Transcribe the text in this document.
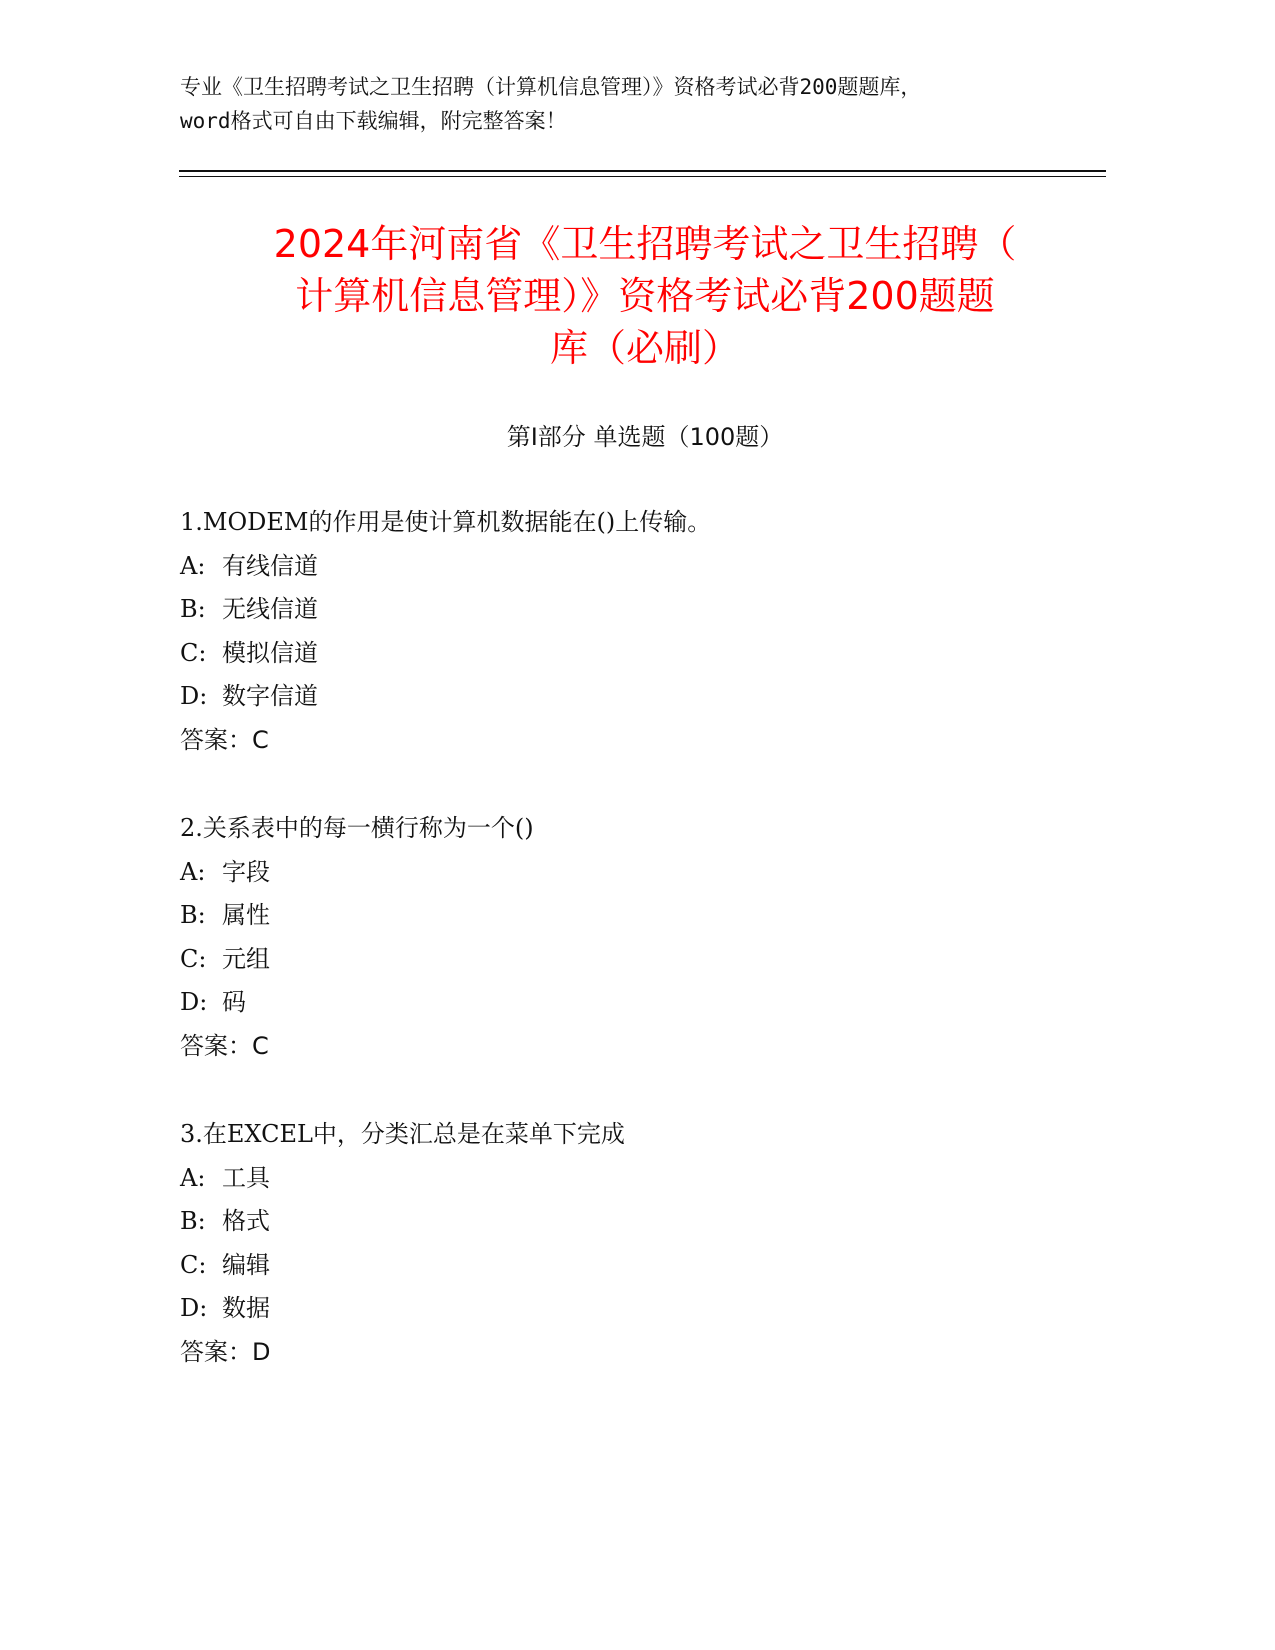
专业《卫生招聘考试之卫生招聘（计算机信息管理）》资格考试必背200题题库，
word格式可自由下载编辑，附完整答案！
2024年河南省《卫生招聘考试之卫生招聘（
计算机信息管理）》资格考试必背200题题
库（必刷）
第Ⅰ部分 单选题（100题）
1.MODEM的作用是使计算机数据能在()上传输。
A: 有线信道
B: 无线信道
C: 模拟信道
D: 数字信道
答案：C
2.关系表中的每一横行称为一个()
A: 字段
B: 属性
C: 元组
D: 码
答案：C
3.在EXCEL中，分类汇总是在菜单下完成
A: 工具
B: 格式
C: 编辑
D: 数据
答案：D
